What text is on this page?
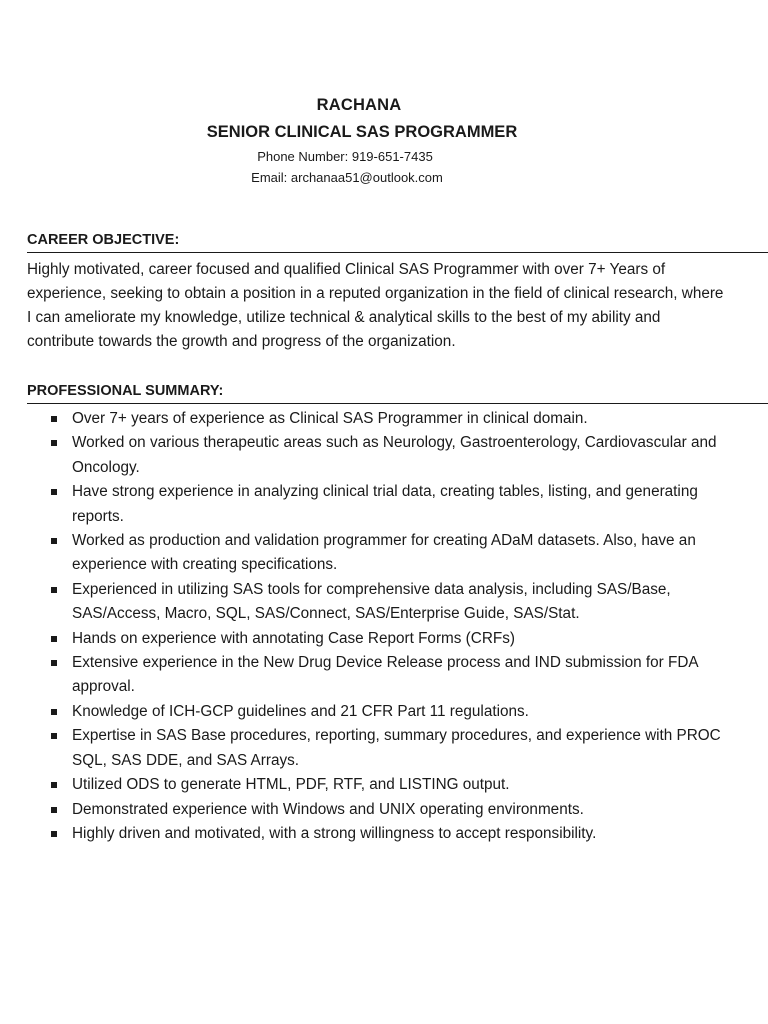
RACHANA
SENIOR CLINICAL SAS PROGRAMMER
Phone Number: 919-651-7435
Email: archanaa51@outlook.com
CAREER OBJECTIVE:
Highly motivated, career focused and qualified Clinical SAS Programmer with over 7+ Years of experience, seeking to obtain a position in a reputed organization in the field of clinical research, where I can ameliorate my knowledge, utilize technical & analytical skills to the best of my ability and contribute towards the growth and progress of the organization.
PROFESSIONAL SUMMARY:
Over 7+ years of experience as Clinical SAS Programmer in clinical domain.
Worked on various therapeutic areas such as Neurology, Gastroenterology, Cardiovascular and Oncology.
Have strong experience in analyzing clinical trial data, creating tables, listing, and generating reports.
Worked as production and validation programmer for creating ADaM datasets. Also, have an experience with creating specifications.
Experienced in utilizing SAS tools for comprehensive data analysis, including SAS/Base, SAS/Access, Macro, SQL, SAS/Connect, SAS/Enterprise Guide, SAS/Stat.
Hands on experience with annotating Case Report Forms (CRFs)
Extensive experience in the New Drug Device Release process and IND submission for FDA approval.
Knowledge of ICH-GCP guidelines and 21 CFR Part 11 regulations.
Expertise in SAS Base procedures, reporting, summary procedures, and experience with PROC SQL, SAS DDE, and SAS Arrays.
Utilized ODS to generate HTML, PDF, RTF, and LISTING output.
Demonstrated experience with Windows and UNIX operating environments.
Highly driven and motivated, with a strong willingness to accept responsibility.
